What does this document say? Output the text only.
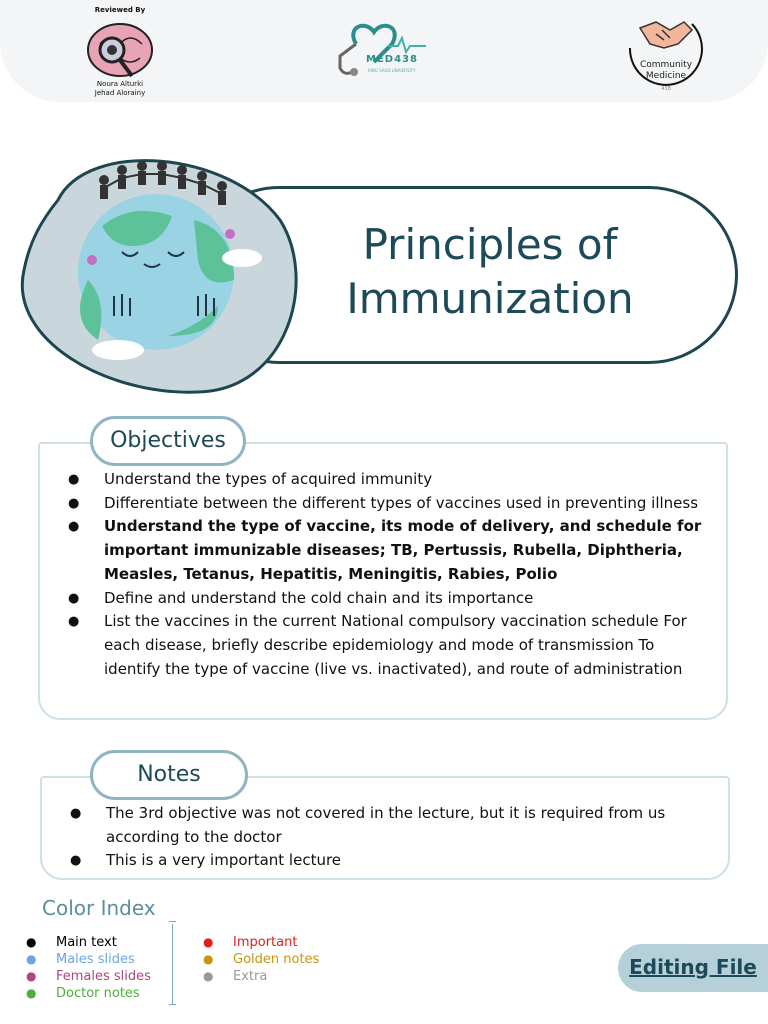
Reviewed By
Noura Alturki
Jehad Alorainy
MED438
KING SAUD UNIVERSITY
Community
Medicine
438
Principles of
Immunization
Objectives
● Understand the types of acquired immunity
● Differentiate between the different types of vaccines used in preventing illness
● Understand the type of vaccine, its mode of delivery, and schedule for important immunizable diseases; TB, Pertussis, Rubella, Diphtheria, Measles, Tetanus, Hepatitis, Meningitis, Rabies, Polio
● Define and understand the cold chain and its importance
● List the vaccines in the current National compulsory vaccination schedule For each disease, briefly describe epidemiology and mode of transmission To identify the type of vaccine (live vs. inactivated), and route of administration
Notes
● The 3rd objective was not covered in the lecture, but it is required from us according to the doctor
● This is a very important lecture
Color Index
● Main text
● Males slides
● Females slides
● Doctor notes
● Important
● Golden notes
● Extra	Editing File
